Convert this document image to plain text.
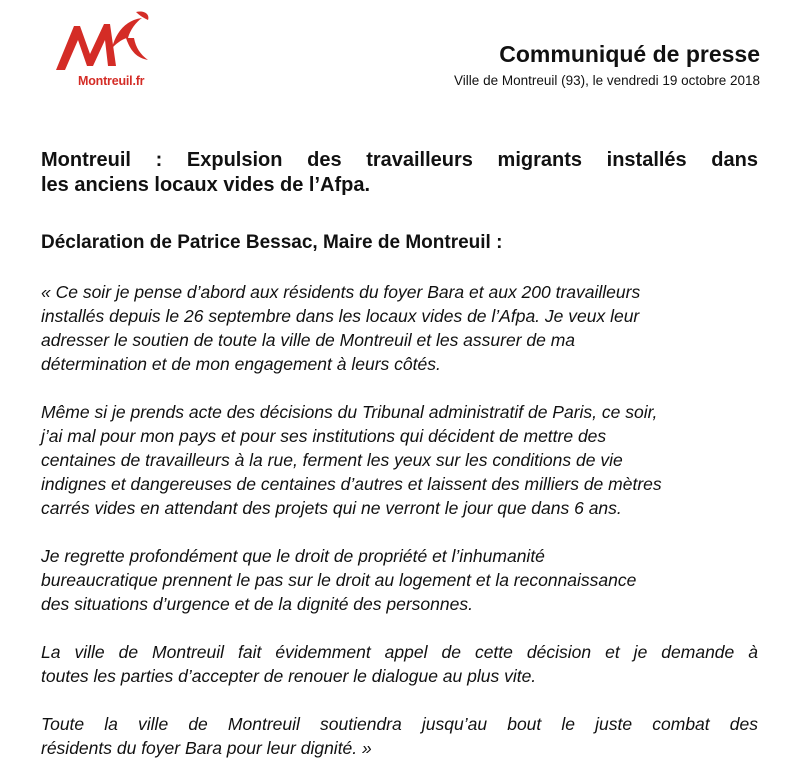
Montreuil.fr
Communiqué de presse
Ville de Montreuil (93), le vendredi 19 octobre 2018
Montreuil : Expulsion des travailleurs migrants installés dans
les anciens locaux vides de l’Afpa.
Déclaration de Patrice Bessac, Maire de Montreuil :
« Ce soir je pense d’abord aux résidents du foyer Bara et aux 200 travailleurs
installés depuis le 26 septembre dans les locaux vides de l’Afpa. Je veux leur
adresser le soutien de toute la ville de Montreuil et les assurer de ma
détermination et de mon engagement à leurs côtés.
Même si je prends acte des décisions du Tribunal administratif de Paris, ce soir,
j’ai mal pour mon pays et pour ses institutions qui décident de mettre des
centaines de travailleurs à la rue, ferment les yeux sur les conditions de vie
indignes et dangereuses de centaines d’autres et laissent des milliers de mètres
carrés vides en attendant des projets qui ne verront le jour que dans 6 ans.
Je regrette profondément que le droit de propriété et l’inhumanité
bureaucratique prennent le pas sur le droit au logement et la reconnaissance
des situations d’urgence et de la dignité des personnes.
La ville de Montreuil fait évidemment appel de cette décision et je demande à
toutes les parties d’accepter de renouer le dialogue au plus vite.
Toute la ville de Montreuil soutiendra jusqu’au bout le juste combat des
résidents du foyer Bara pour leur dignité. »
